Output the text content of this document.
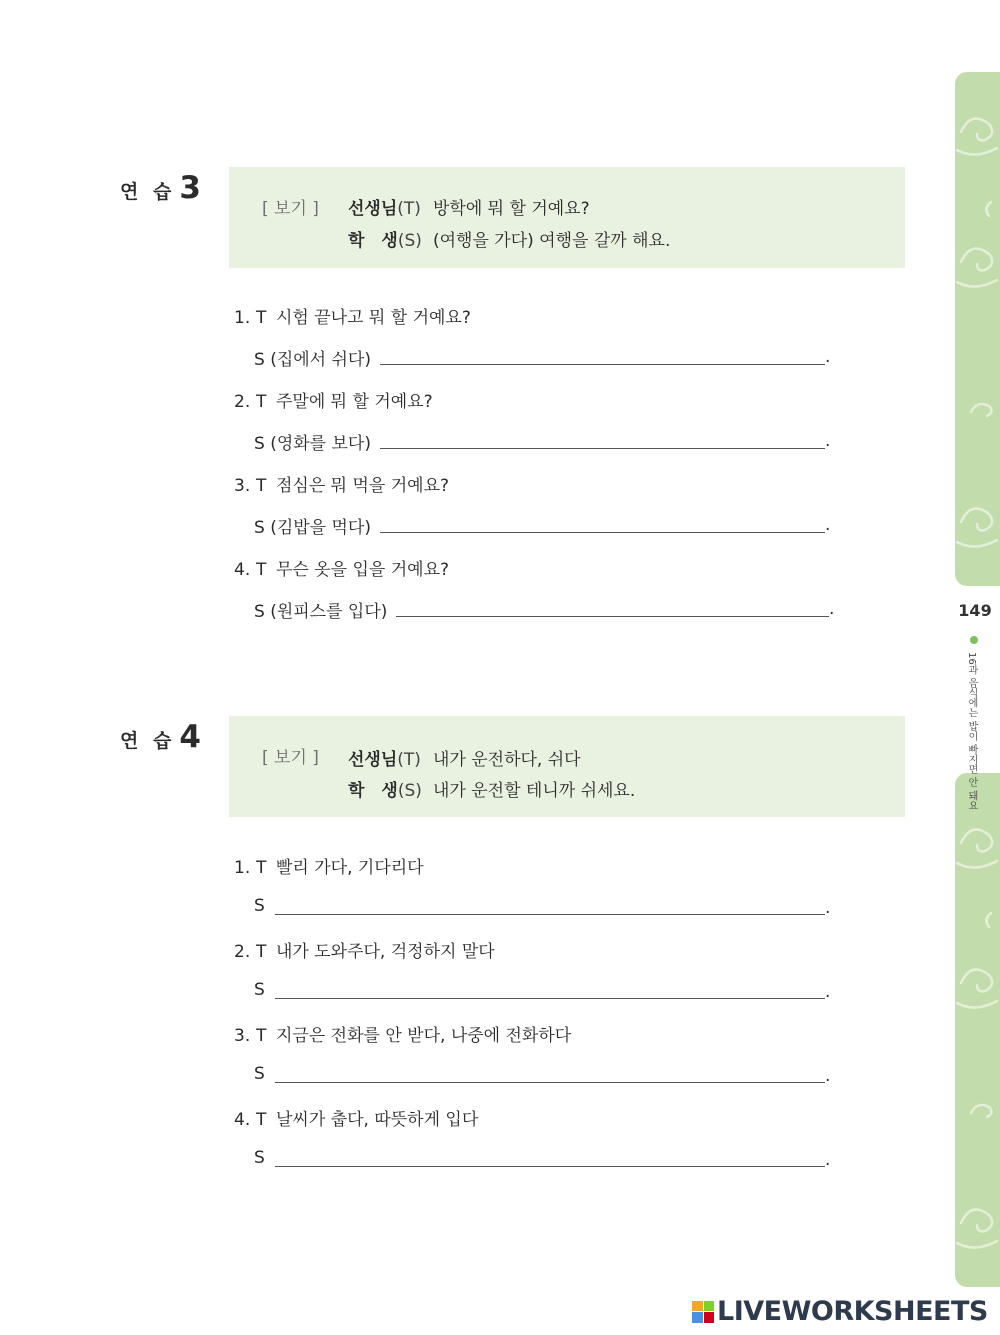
149
16과 음식에는 밥이 빠지면 안 돼요
연 습 3
[ 보기 ] 선생님(T) 방학에 뭐 할 거예요?
학　생(S) (여행을 가다) 여행을 갈까 해요.
1. T 시험 끝나고 뭐 할 거예요?
S (집에서 쉬다)	.
2. T 주말에 뭐 할 거예요?
S (영화를 보다)	.
3. T 점심은 뭐 먹을 거예요?
S (김밥을 먹다)	.
4. T 무슨 옷을 입을 거예요?
S (원피스를 입다)	.
연 습 4
[ 보기 ] 선생님(T) 내가 운전하다, 쉬다
학　생(S) 내가 운전할 테니까 쉬세요.
1. T 빨리 가다, 기다리다
S	.
2. T 내가 도와주다, 걱정하지 말다
S	.
3. T 지금은 전화를 안 받다, 나중에 전화하다
S	.
4. T 날씨가 춥다, 따뜻하게 입다
S	.
LIVEWORKSHEETS
